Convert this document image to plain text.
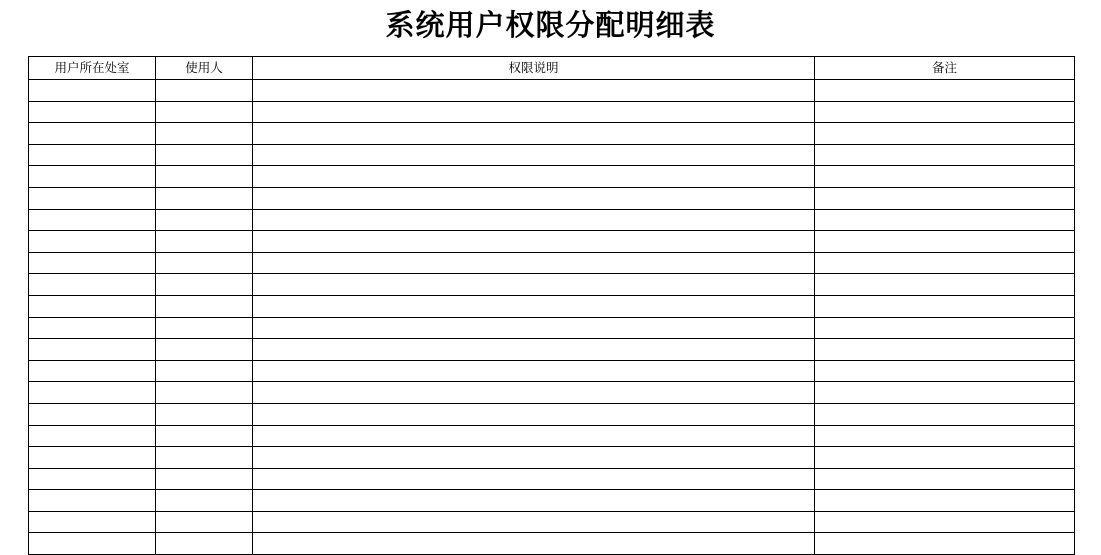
系统用户权限分配明细表
用户所在处室	使用人	权限说明	备注
